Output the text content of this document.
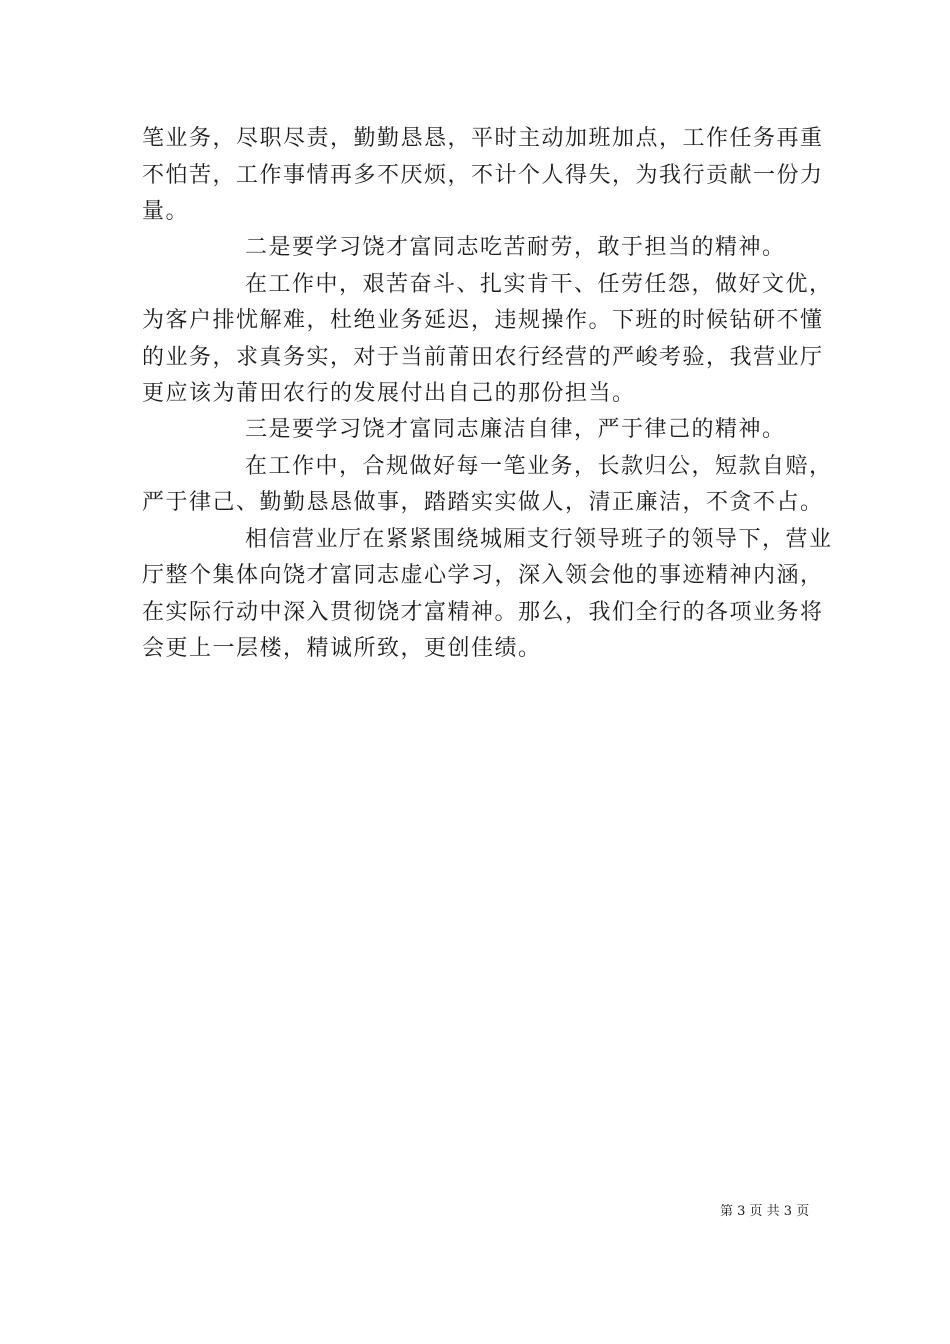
笔业务，尽职尽责，勤勤恳恳，平时主动加班加点，工作任务再重
不怕苦，工作事情再多不厌烦，不计个人得失，为我行贡献一份力
量。
二是要学习饶才富同志吃苦耐劳，敢于担当的精神。
在工作中，艰苦奋斗、扎实肯干、任劳任怨，做好文优，
为客户排忧解难，杜绝业务延迟，违规操作。下班的时候钻研不懂
的业务，求真务实，对于当前莆田农行经营的严峻考验，我营业厅
更应该为莆田农行的发展付出自己的那份担当。
三是要学习饶才富同志廉洁自律，严于律己的精神。
在工作中，合规做好每一笔业务，长款归公，短款自赔，
严于律己、勤勤恳恳做事，踏踏实实做人，清正廉洁，不贪不占。
相信营业厅在紧紧围绕城厢支行领导班子的领导下，营业
厅整个集体向饶才富同志虚心学习，深入领会他的事迹精神内涵，
在实际行动中深入贯彻饶才富精神。那么，我们全行的各项业务将
会更上一层楼，精诚所致，更创佳绩。
第 3 页 共 3 页
